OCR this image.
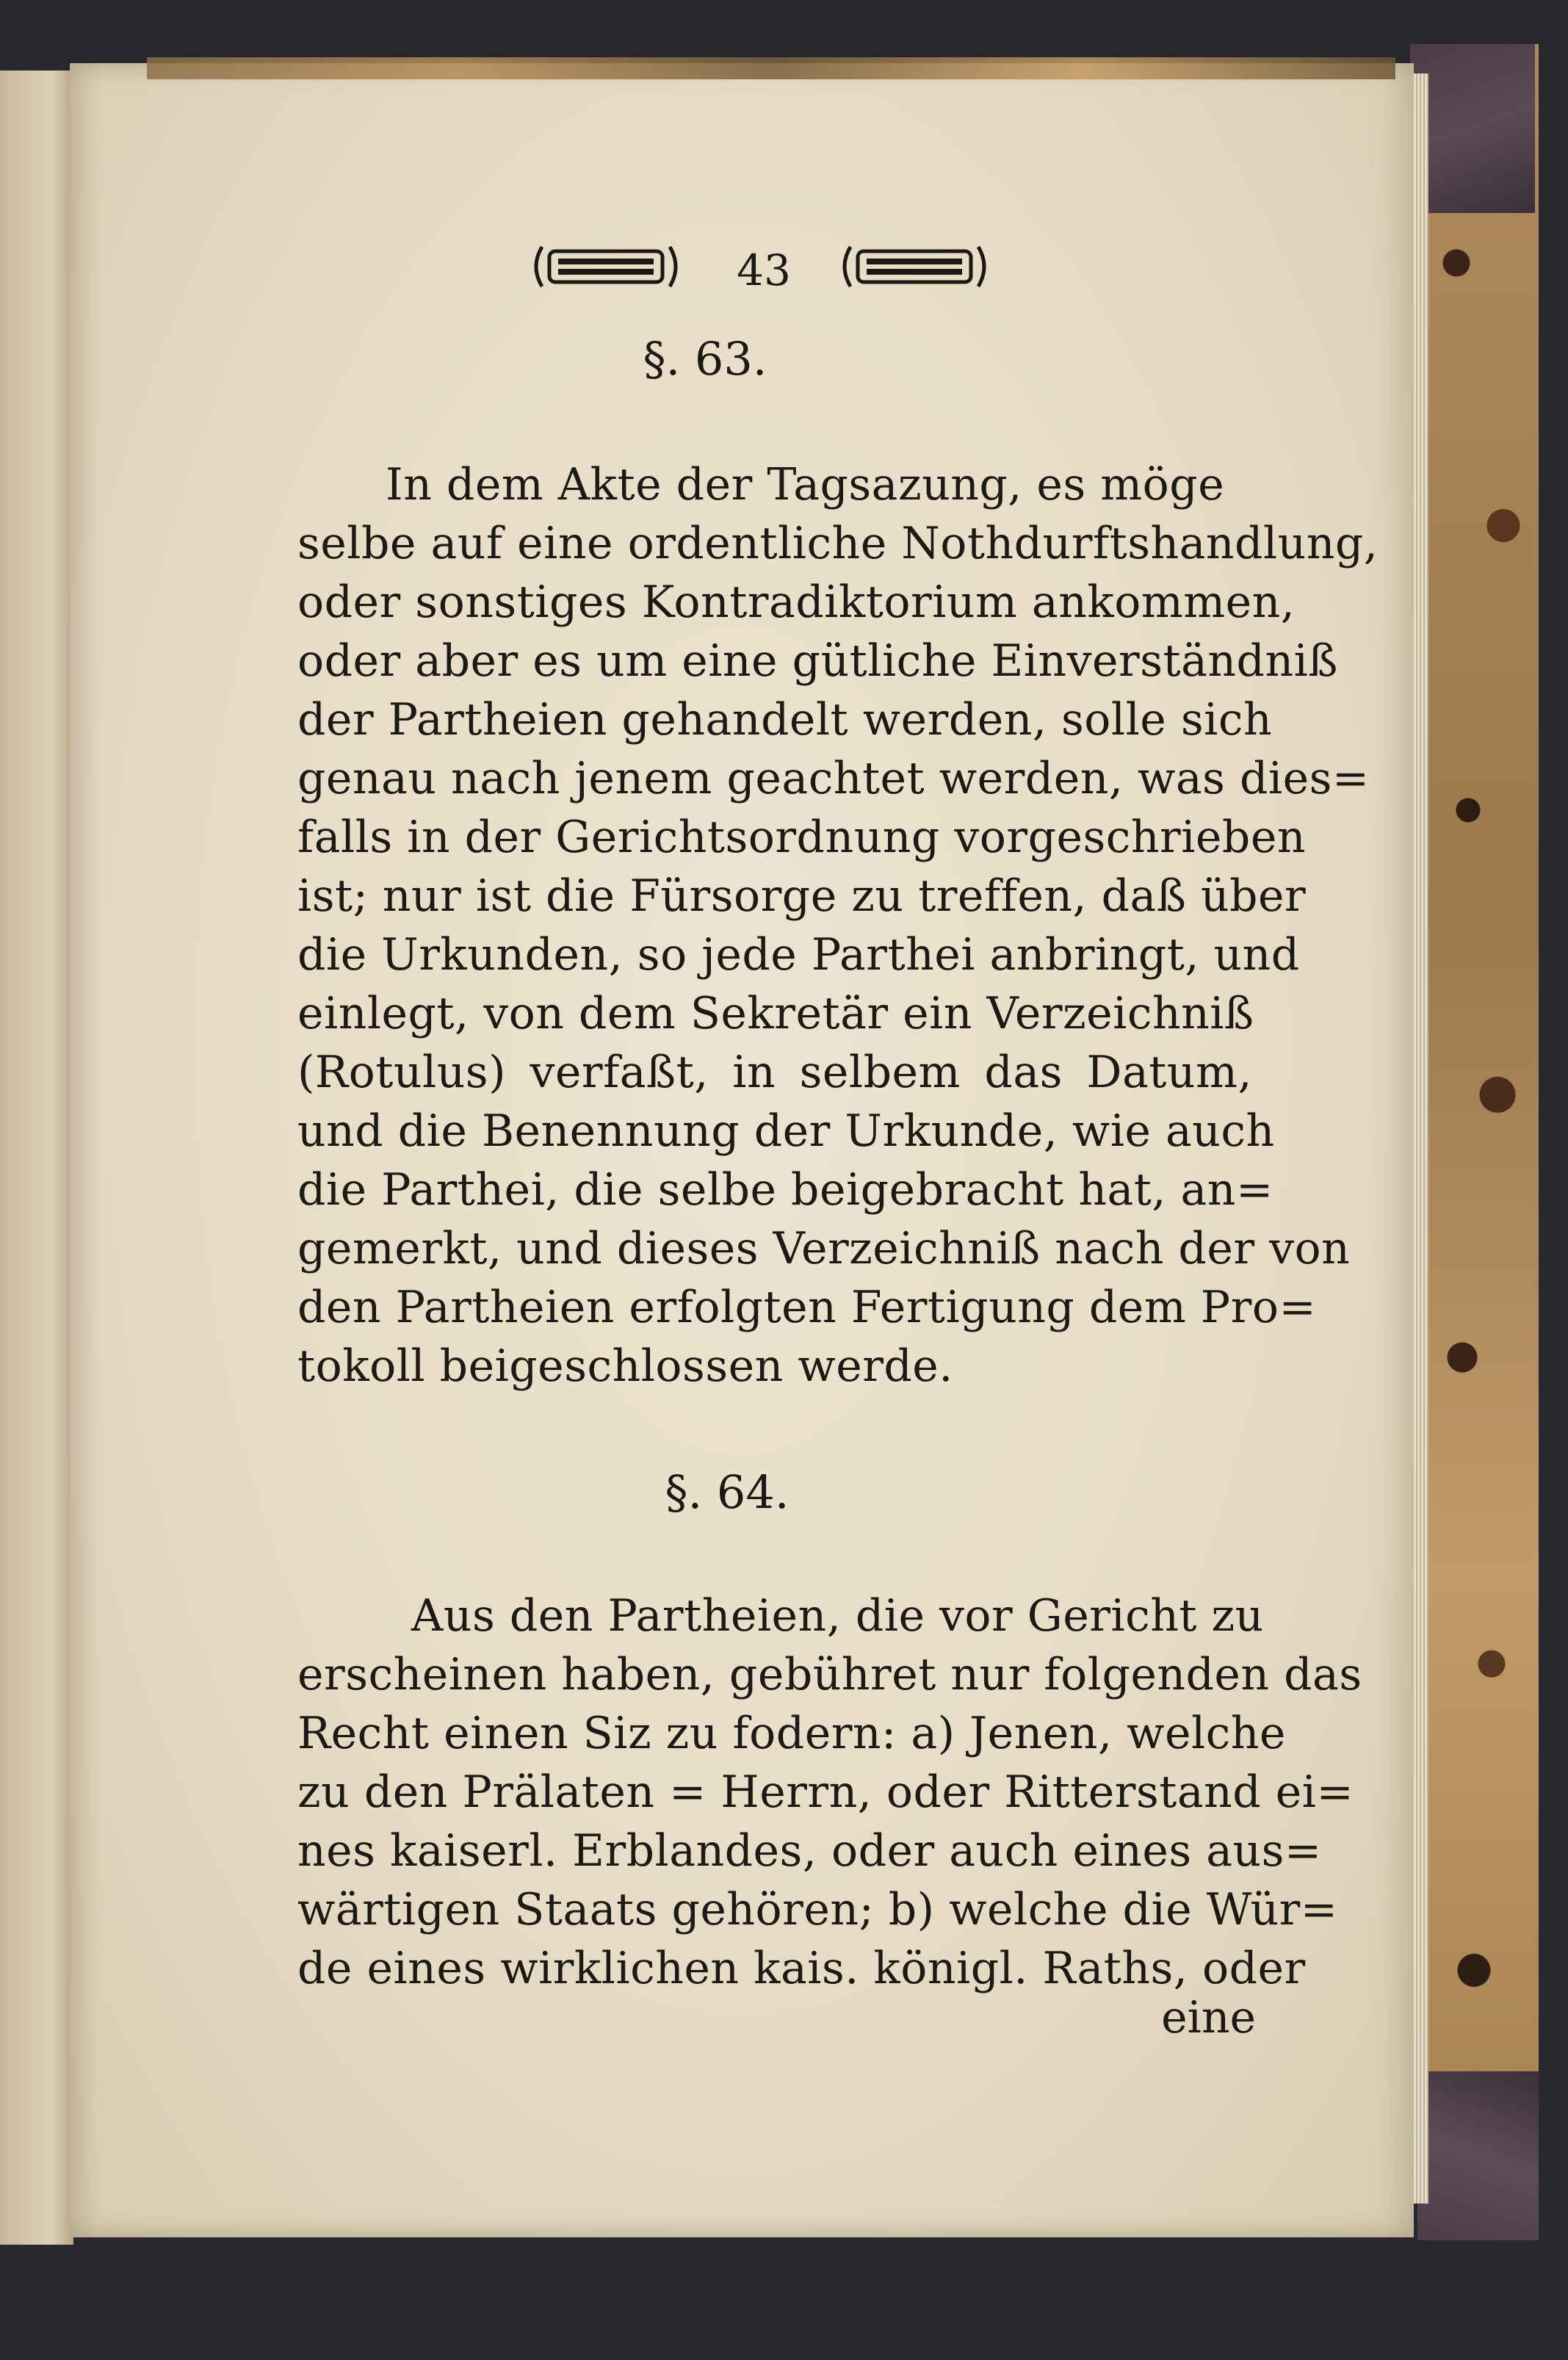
43
§. 63.
In dem Akte der Tagsazung, es möge
selbe auf eine ordentliche Nothdurftshandlung,
oder sonstiges Kontradiktorium ankommen,
oder aber es um eine gütliche Einverständniß
der Partheien gehandelt werden, solle sich
genau nach jenem geachtet werden, was dies=
falls in der Gerichtsordnung vorgeschrieben
ist; nur ist die Fürsorge zu treffen, daß über
die Urkunden, so jede Parthei anbringt, und
einlegt, von dem Sekretär ein Verzeichniß
(Rotulus) verfaßt, in selbem das Datum,
und die Benennung der Urkunde, wie auch
die Parthei, die selbe beigebracht hat, an=
gemerkt, und dieses Verzeichniß nach der von
den Partheien erfolgten Fertigung dem Pro=
tokoll beigeschlossen werde.
§. 64.
Aus den Partheien, die vor Gericht zu
erscheinen haben, gebühret nur folgenden das
Recht einen Siz zu fodern: a) Jenen, welche
zu den Prälaten = Herrn, oder Ritterstand ei=
nes kaiserl. Erblandes, oder auch eines aus=
wärtigen Staats gehören; b) welche die Wür=
de eines wirklichen kais. königl. Raths, oder
eine
